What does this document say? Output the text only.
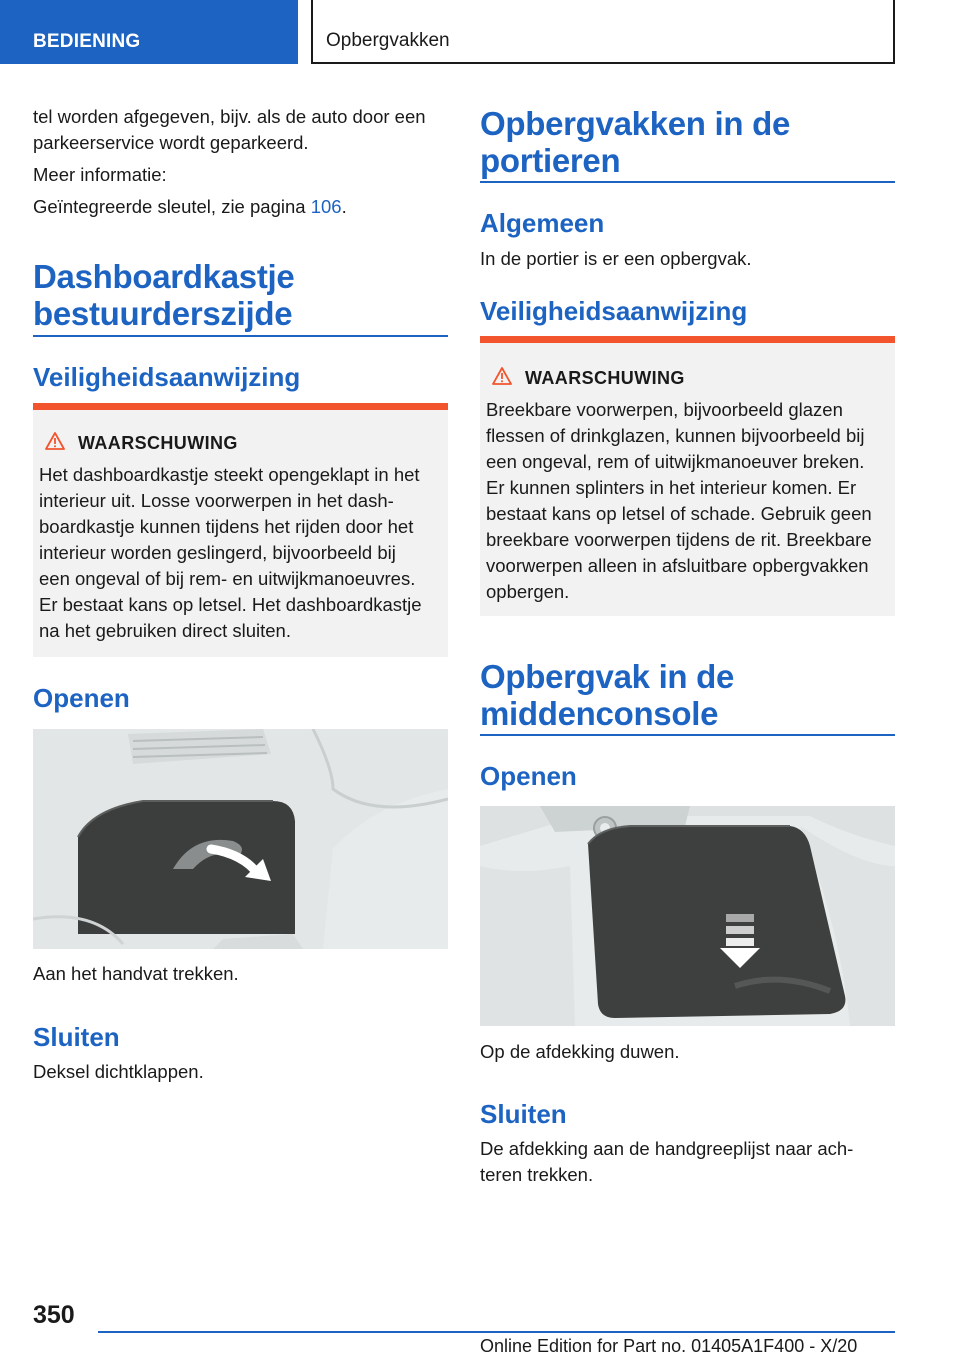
BEDIENING	Opbergvakken
tel worden afgegeven, bijv. als de auto door een
parkeerservice wordt geparkeerd.
Meer informatie:
Geïntegreerde sleutel, zie pagina 106.
Dashboardkastje
bestuurderszijde
Veiligheidsaanwijzing
WAARSCHUWING
Het dashboardkastje steekt opengeklapt in het
interieur uit. Losse voorwerpen in het dash-
boardkastje kunnen tijdens het rijden door het
interieur worden geslingerd, bijvoorbeeld bij
een ongeval of bij rem- en uitwijkmanoeuvres.
Er bestaat kans op letsel. Het dashboardkastje
na het gebruiken direct sluiten.
Openen
Aan het handvat trekken.
Sluiten
Deksel dichtklappen.
Opbergvakken in de
portieren
Algemeen
In de portier is er een opbergvak.
Veiligheidsaanwijzing
WAARSCHUWING
Breekbare voorwerpen, bijvoorbeeld glazen
flessen of drinkglazen, kunnen bijvoorbeeld bij
een ongeval, rem of uitwijkmanoeuver breken.
Er kunnen splinters in het interieur komen. Er
bestaat kans op letsel of schade. Gebruik geen
breekbare voorwerpen tijdens de rit. Breekbare
voorwerpen alleen in afsluitbare opbergvakken
opbergen.
Opbergvak in de
middenconsole
Openen
Op de afdekking duwen.
Sluiten
De afdekking aan de handgreeplijst naar ach-
teren trekken.
350
Online Edition for Part no. 01405A1F400 - X/20
